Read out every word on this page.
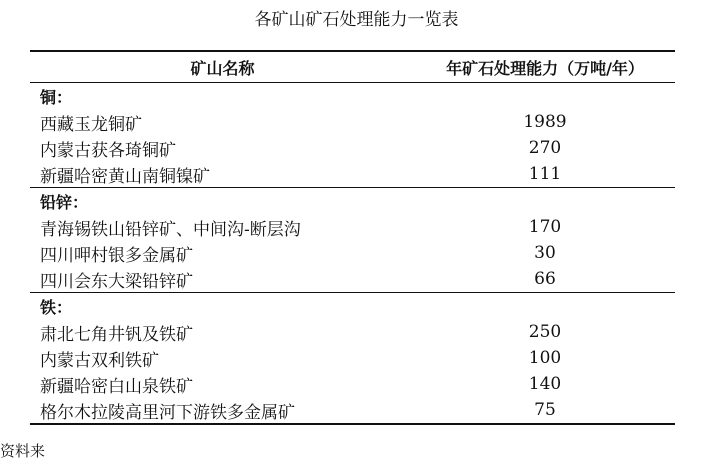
各矿山矿石处理能力一览表
矿山名称	年矿石处理能力（万吨/年）
铜：
西藏玉龙铜矿	1989
内蒙古获各琦铜矿	270
新疆哈密黄山南铜镍矿	111
铅锌：
青海锡铁山铅锌矿、中间沟-断层沟	170
四川呷村银多金属矿	30
四川会东大梁铅锌矿	66
铁：
肃北七角井钒及铁矿	250
内蒙古双利铁矿	100
新疆哈密白山泉铁矿	140
格尔木拉陵高里河下游铁多金属矿	75
资料来
